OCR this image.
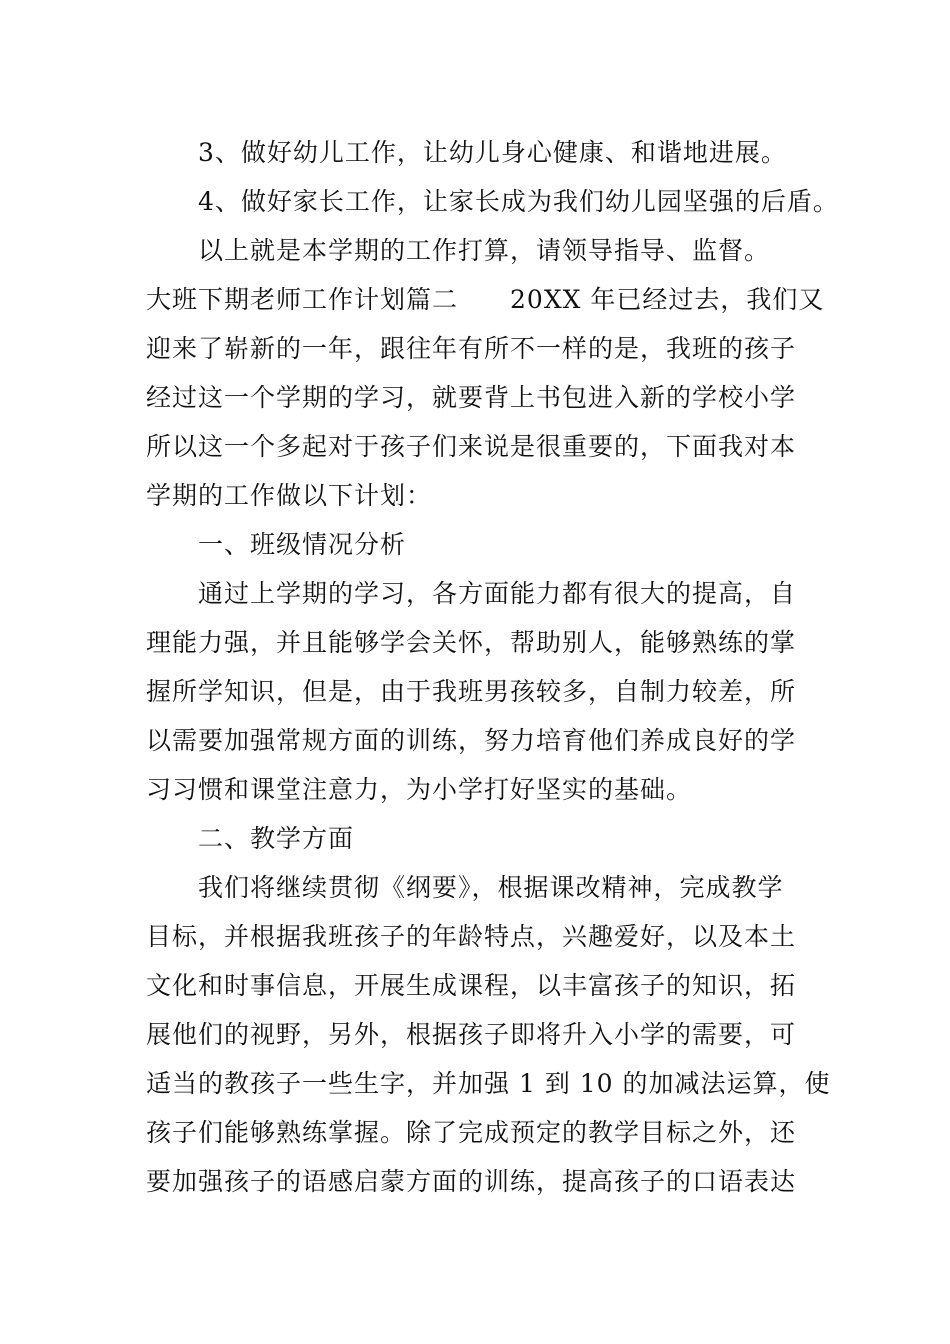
3、做好幼儿工作，让幼儿身心健康、和谐地进展。
4、做好家长工作，让家长成为我们幼儿园坚强的后盾。
以上就是本学期的工作打算，请领导指导、监督。
大班下期老师工作计划篇二 20XX 年已经过去，我们又
迎来了崭新的一年，跟往年有所不一样的是，我班的孩子
经过这一个学期的学习，就要背上书包进入新的学校小学
所以这一个多起对于孩子们来说是很重要的，下面我对本
学期的工作做以下计划：
一、班级情况分析
通过上学期的学习，各方面能力都有很大的提高，自
理能力强，并且能够学会关怀，帮助别人，能够熟练的掌
握所学知识，但是，由于我班男孩较多，自制力较差，所
以需要加强常规方面的训练，努力培育他们养成良好的学
习习惯和课堂注意力，为小学打好坚实的基础。
二、教学方面
我们将继续贯彻《纲要》，根据课改精神，完成教学
目标，并根据我班孩子的年龄特点，兴趣爱好，以及本土
文化和时事信息，开展生成课程，以丰富孩子的知识，拓
展他们的视野，另外，根据孩子即将升入小学的需要，可
适当的教孩子一些生字，并加强 1 到 10 的加减法运算，使
孩子们能够熟练掌握。除了完成预定的教学目标之外，还
要加强孩子的语感启蒙方面的训练，提高孩子的口语表达
